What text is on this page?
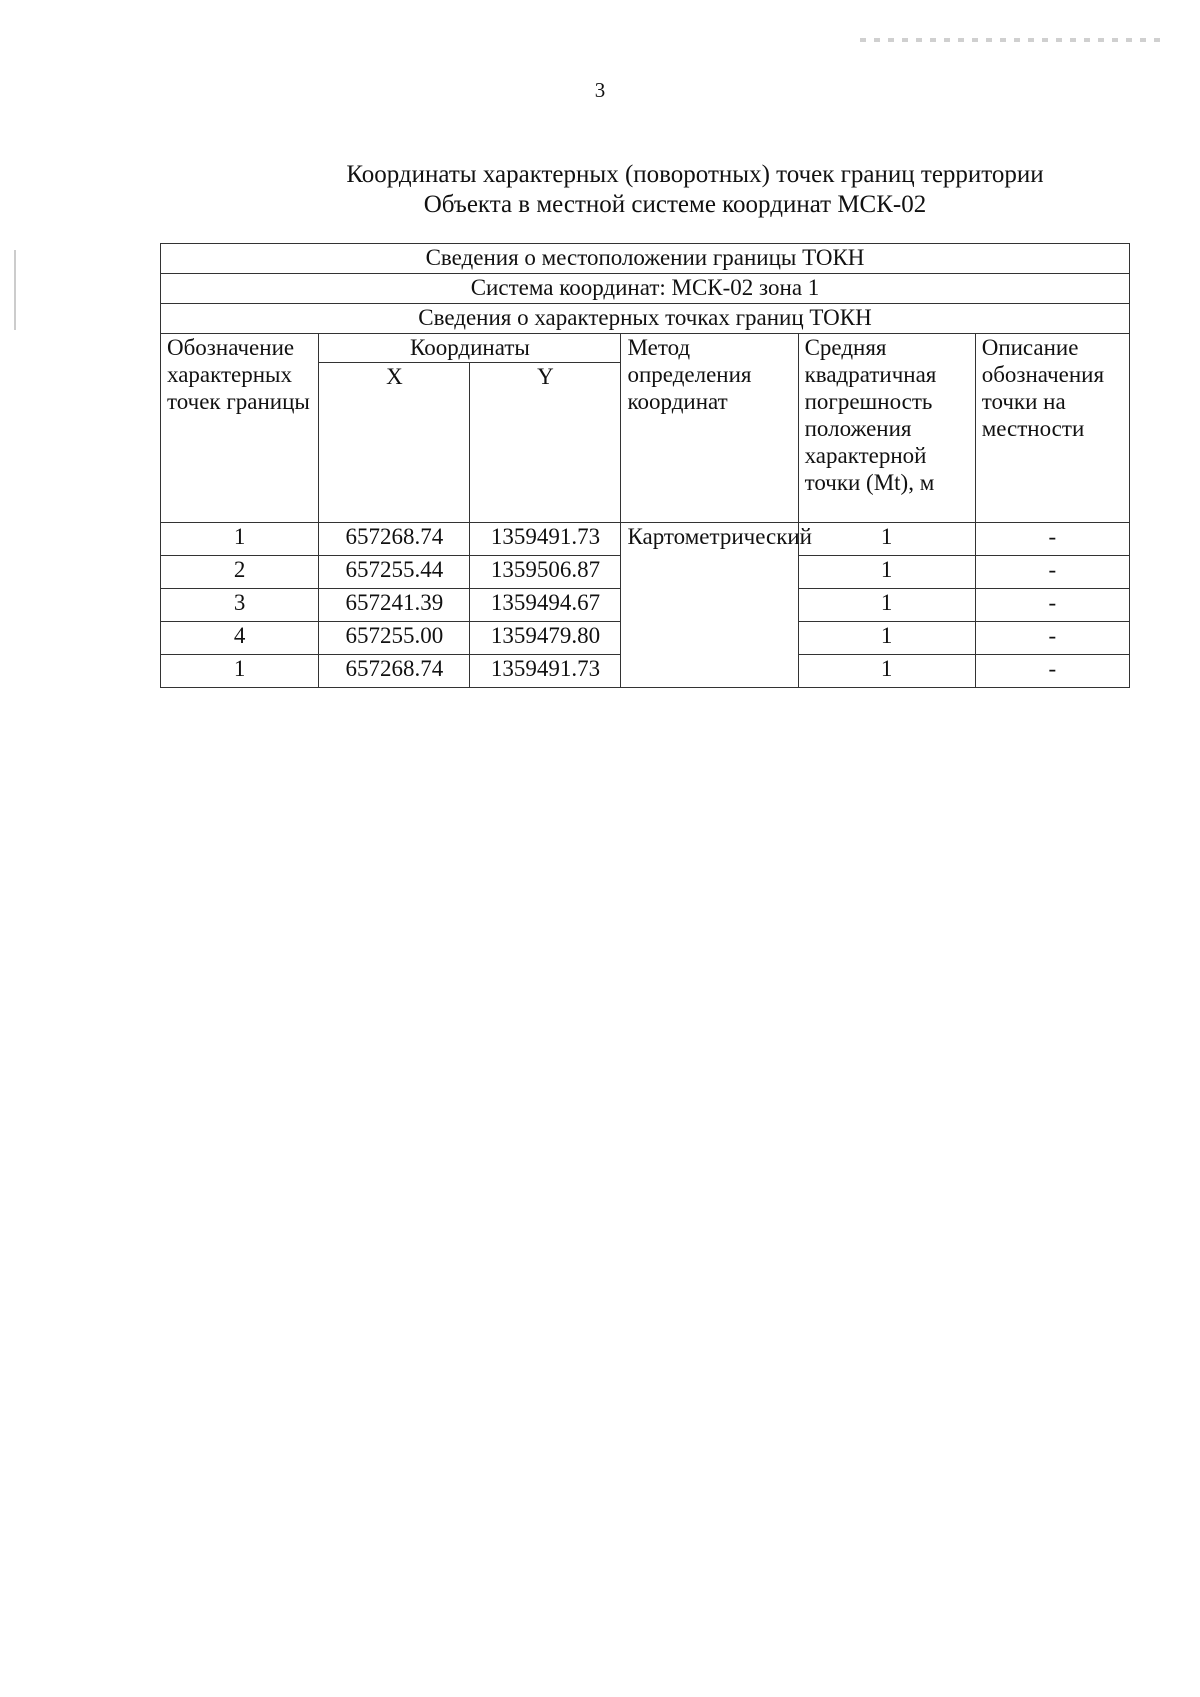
3
Координаты характерных (поворотных) точек границ территории
Объекта в местной системе координат МСК-02
Сведения о местоположении границы ТОКН					
Система координат: МСК-02 зона 1					
Сведения о характерных точках границ ТОКН					
Обозначение характерных точек границы	Координаты		Метод определения координат	Средняя квадратичная погрешность положения характерной точки (Mt), м	Описание обозначения точки на местности
	X	Y			
1	657268.74	1359491.73	Картометрический	1	-
2	657255.44	1359506.87		1	-
3	657241.39	1359494.67		1	-
4	657255.00	1359479.80		1	-
1	657268.74	1359491.73		1	-
